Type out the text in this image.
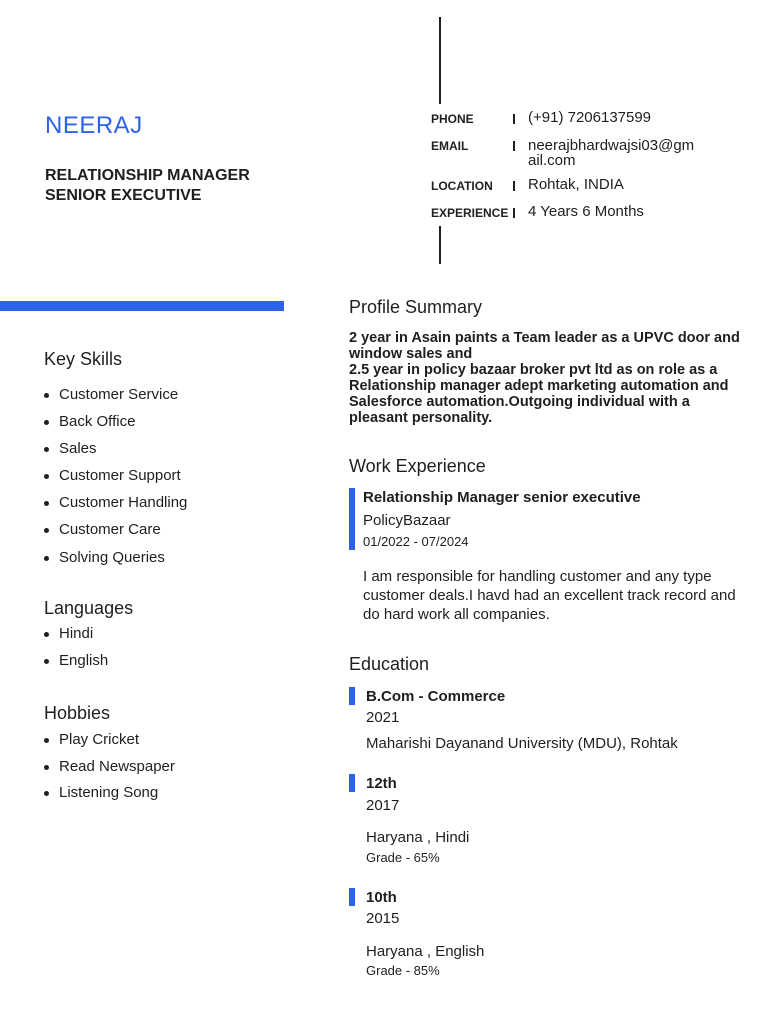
NEERAJ
RELATIONSHIP MANAGER
SENIOR EXECUTIVE
PHONE	(+91) 7206137599
EMAIL	neerajbhardwajsi03@gm
ail.com
LOCATION Rohtak, INDIA
EXPERIENCE 4 Years 6 Months
Key Skills
Customer Service
Back Office
Sales
Customer Support
Customer Handling
Customer Care
Solving Queries
Languages
Hindi
English
Hobbies
Play Cricket
Read Newspaper
Listening Song
Profile Summary

2 year in Asain paints a Team leader as a UPVC door and window sales and

2.5 year in policy bazaar broker pvt ltd as on role as a Relationship manager adept marketing automation and Salesforce automation.Outgoing individual with a pleasant personality.

Work Experience
Relationship Manager senior executive
PolicyBazaar
01/2022 - 07/2024
I am responsible for handling customer and any type customer deals.I havd had an excellent track record and do hard work all companies.
Education
B.Com - Commerce
2021
Maharishi Dayanand University (MDU), Rohtak
12th
2017
Haryana , Hindi
Grade - 65%
10th
2015
Haryana , English
Grade - 85%
